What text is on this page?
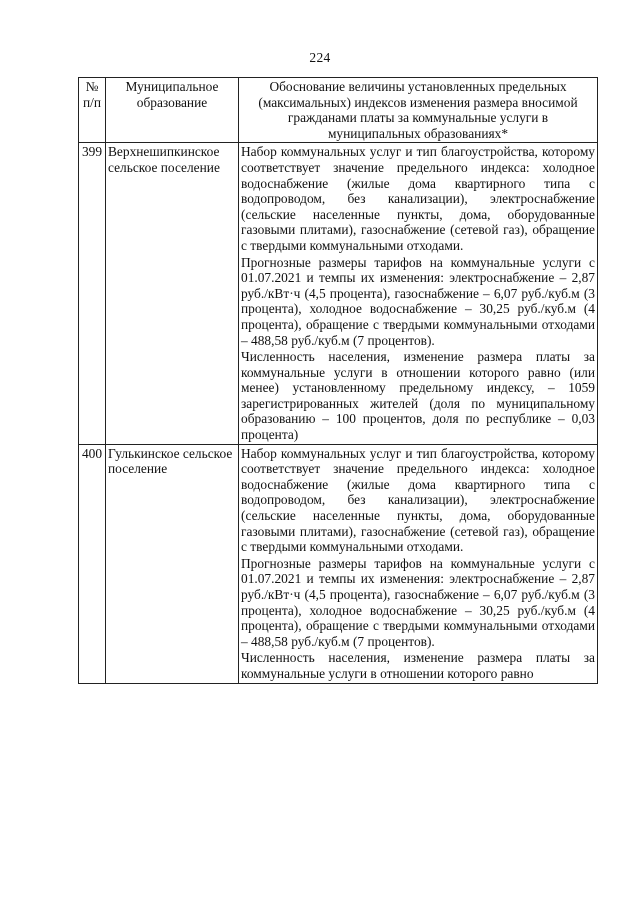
224
№
п/п	Муниципальное образование	Обоснование величины установленных предельных (максимальных) индексов изменения размера вносимой гражданами платы за коммунальные услуги в муниципальных образованиях*
399	Верхнешипкинское сельское поселение	Набор коммунальных услуг и тип благоустройства, которому соответствует значение предельного индекса: холодное водоснабжение (жилые дома квартирного типа с водопроводом, без канализации), электроснабжение (сельские населенные пункты, дома, оборудованные газовыми плитами), газоснабжение (сетевой газ), обращение с твердыми коммунальными отходами.
Прогнозные размеры тарифов на коммунальные услуги с 01.07.2021 и темпы их изменения: электроснабжение – 2,87 руб./кВт·ч (4,5 процента), газоснабжение – 6,07 руб./куб.м (3 процента), холодное водоснабжение – 30,25 руб./куб.м (4 процента), обращение с твердыми коммунальными отходами – 488,58 руб./куб.м (7 процентов).
Численность населения, изменение размера платы за коммунальные услуги в отношении которого равно (или менее) установленному предельному индексу, – 1059 зарегистрированных жителей (доля по муниципальному образованию – 100 процентов, доля по республике – 0,03 процента)

400	Гулькинское сельское поселение	Набор коммунальных услуг и тип благоустройства, которому соответствует значение предельного индекса: холодное водоснабжение (жилые дома квартирного типа с водопроводом, без канализации), электроснабжение (сельские населенные пункты, дома, оборудованные газовыми плитами), газоснабжение (сетевой газ), обращение с твердыми коммунальными отходами.
Прогнозные размеры тарифов на коммунальные услуги с 01.07.2021 и темпы их изменения: электроснабжение – 2,87 руб./кВт·ч (4,5 процента), газоснабжение – 6,07 руб./куб.м (3 процента), холодное водоснабжение – 30,25 руб./куб.м (4 процента), обращение с твердыми коммунальными отходами – 488,58 руб./куб.м (7 процентов).
Численность населения, изменение размера платы за коммунальные услуги в отношении которого равно
